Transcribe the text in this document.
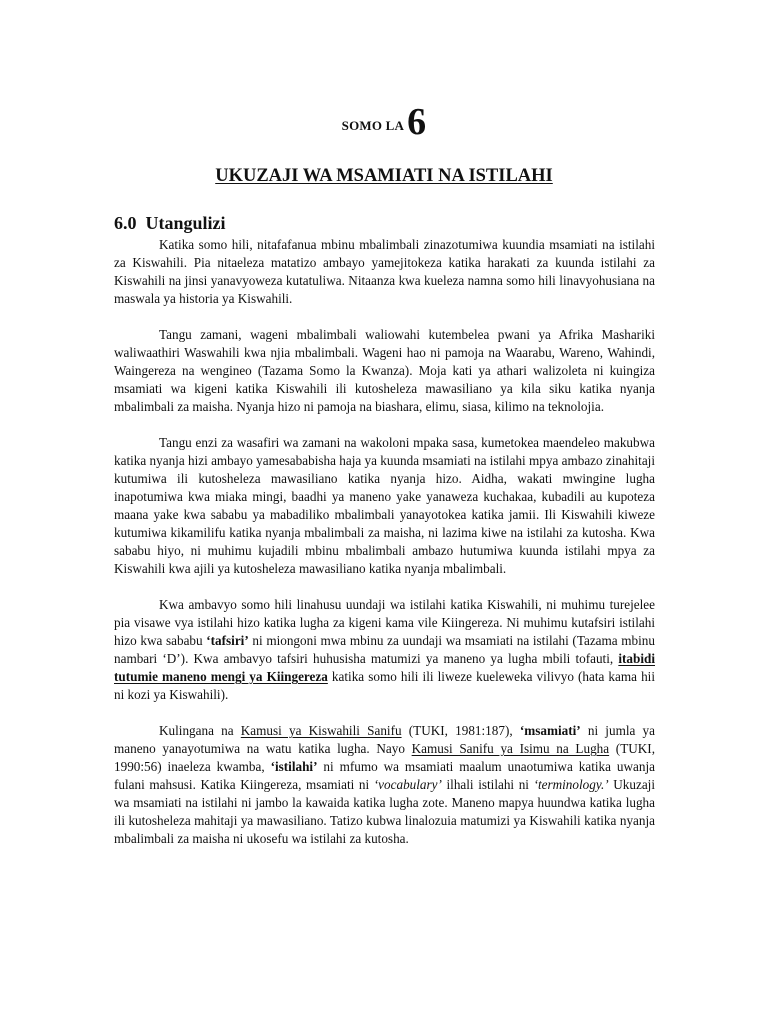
SOMO LA6
UKUZAJI WA MSAMIATI NA ISTILAHI
6.0 Utangulizi

Katika somo hili, nitafafanua mbinu mbalimbali zinazotumiwa kuundia msamiati na istilahi za Kiswahili. Pia nitaeleza matatizo ambayo yamejitokeza katika harakati za kuunda istilahi za Kiswahili na jinsi yanavyoweza kutatuliwa. Nitaanza kwa kueleza namna somo hili linavyohusiana na maswala ya historia ya Kiswahili.

Tangu zamani, wageni mbalimbali waliowahi kutembelea pwani ya Afrika Mashariki waliwaathiri Waswahili kwa njia mbalimbali. Wageni hao ni pamoja na Waarabu, Wareno, Wahindi, Waingereza na wengineo (Tazama Somo la Kwanza). Moja kati ya athari walizoleta ni kuingiza msamiati wa kigeni katika Kiswahili ili kutosheleza mawasiliano ya kila siku katika nyanja mbalimbali za maisha. Nyanja hizo ni pamoja na biashara, elimu, siasa, kilimo na teknolojia.

Tangu enzi za wasafiri wa zamani na wakoloni mpaka sasa, kumetokea maendeleo makubwa katika nyanja hizi ambayo yamesababisha haja ya kuunda msamiati na istilahi mpya ambazo zinahitaji kutumiwa ili kutosheleza mawasiliano katika nyanja hizo. Aidha, wakati mwingine lugha inapotumiwa kwa miaka mingi, baadhi ya maneno yake yanaweza kuchakaa, kubadili au kupoteza maana yake kwa sababu ya mabadiliko mbalimbali yanayotokea katika jamii. Ili Kiswahili kiweze kutumiwa kikamilifu katika nyanja mbalimbali za maisha, ni lazima kiwe na istilahi za kutosha. Kwa sababu hiyo, ni muhimu kujadili mbinu mbalimbali ambazo hutumiwa kuunda istilahi mpya za Kiswahili kwa ajili ya kutosheleza mawasiliano katika nyanja mbalimbali.

Kwa ambavyo somo hili linahusu uundaji wa istilahi katika Kiswahili, ni muhimu turejelee pia visawe vya istilahi hizo katika lugha za kigeni kama vile Kiingereza. Ni muhimu kutafsiri istilahi hizo kwa sababu ‘tafsiri’ ni miongoni mwa mbinu za uundaji wa msamiati na istilahi (Tazama mbinu nambari ‘D’). Kwa ambavyo tafsiri huhusisha matumizi ya maneno ya lugha mbili tofauti, itabidi tutumie maneno mengi ya Kiingereza katika somo hili ili liweze kueleweka vilivyo (hata kama hii ni kozi ya Kiswahili).

Kulingana na Kamusi ya Kiswahili Sanifu (TUKI, 1981:187), ‘msamiati’ ni jumla ya maneno yanayotumiwa na watu katika lugha. Nayo Kamusi Sanifu ya Isimu na Lugha (TUKI, 1990:56) inaeleza kwamba, ‘istilahi’ ni mfumo wa msamiati maalum unaotumiwa katika uwanja fulani mahsusi. Katika Kiingereza, msamiati ni ‘vocabulary’ ilhali istilahi ni ‘terminology.’ Ukuzaji wa msamiati na istilahi ni jambo la kawaida katika lugha zote. Maneno mapya huundwa katika lugha ili kutosheleza mahitaji ya mawasiliano. Tatizo kubwa linalozuia matumizi ya Kiswahili katika nyanja mbalimbali za maisha ni ukosefu wa istilahi za kutosha.
